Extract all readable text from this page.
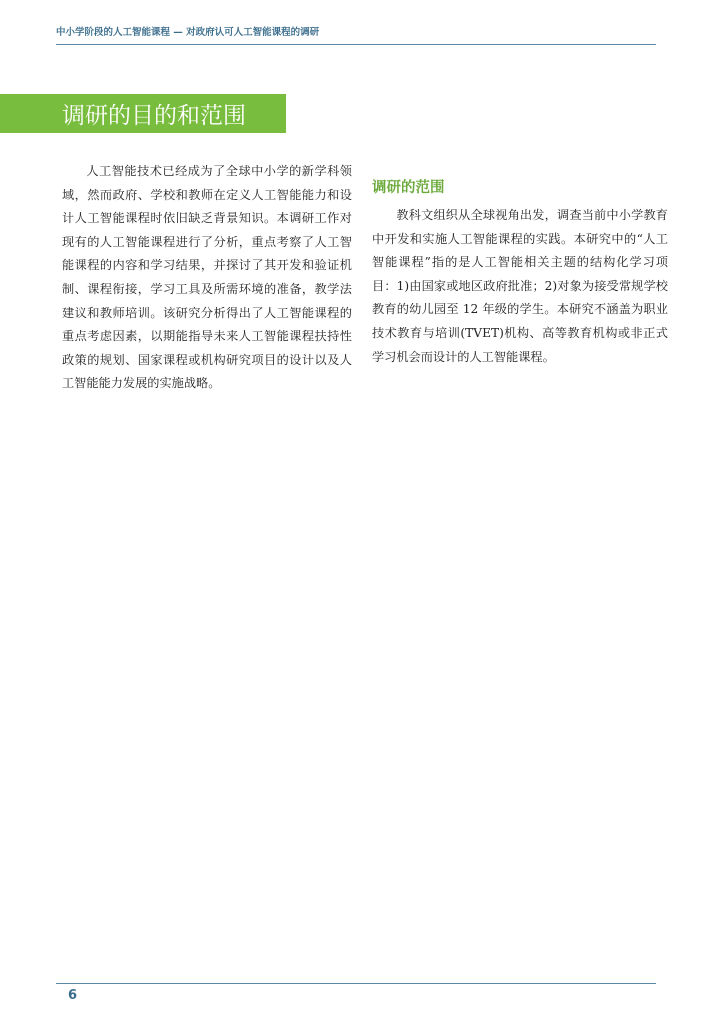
中小学阶段的人工智能课程 — 对政府认可人工智能课程的调研
调研的目的和范围

人工智能技术已经成为了全球中小学的新学科领域，然而政府、学校和教师在定义人工智能能力和设计人工智能课程时依旧缺乏背景知识。本调研工作对现有的人工智能课程进行了分析，重点考察了人工智能课程的内容和学习结果，并探讨了其开发和验证机制、课程衔接，学习工具及所需环境的准备，教学法建议和教师培训。该研究分析得出了人工智能课程的重点考虑因素，以期能指导未来人工智能课程扶持性政策的规划、国家课程或机构研究项目的设计以及人工智能能力发展的实施战略。

调研的范围

教科文组织从全球视角出发，调查当前中小学教育中开发和实施人工智能课程的实践。本研究中的“人工智能课程”指的是人工智能相关主题的结构化学习项目：1)由国家或地区政府批准；2)对象为接受常规学校教育的幼儿园至 12 年级的学生。本研究不涵盖为职业技术教育与培训(TVET)机构、高等教育机构或非正式学习机会而设计的人工智能课程。

6
